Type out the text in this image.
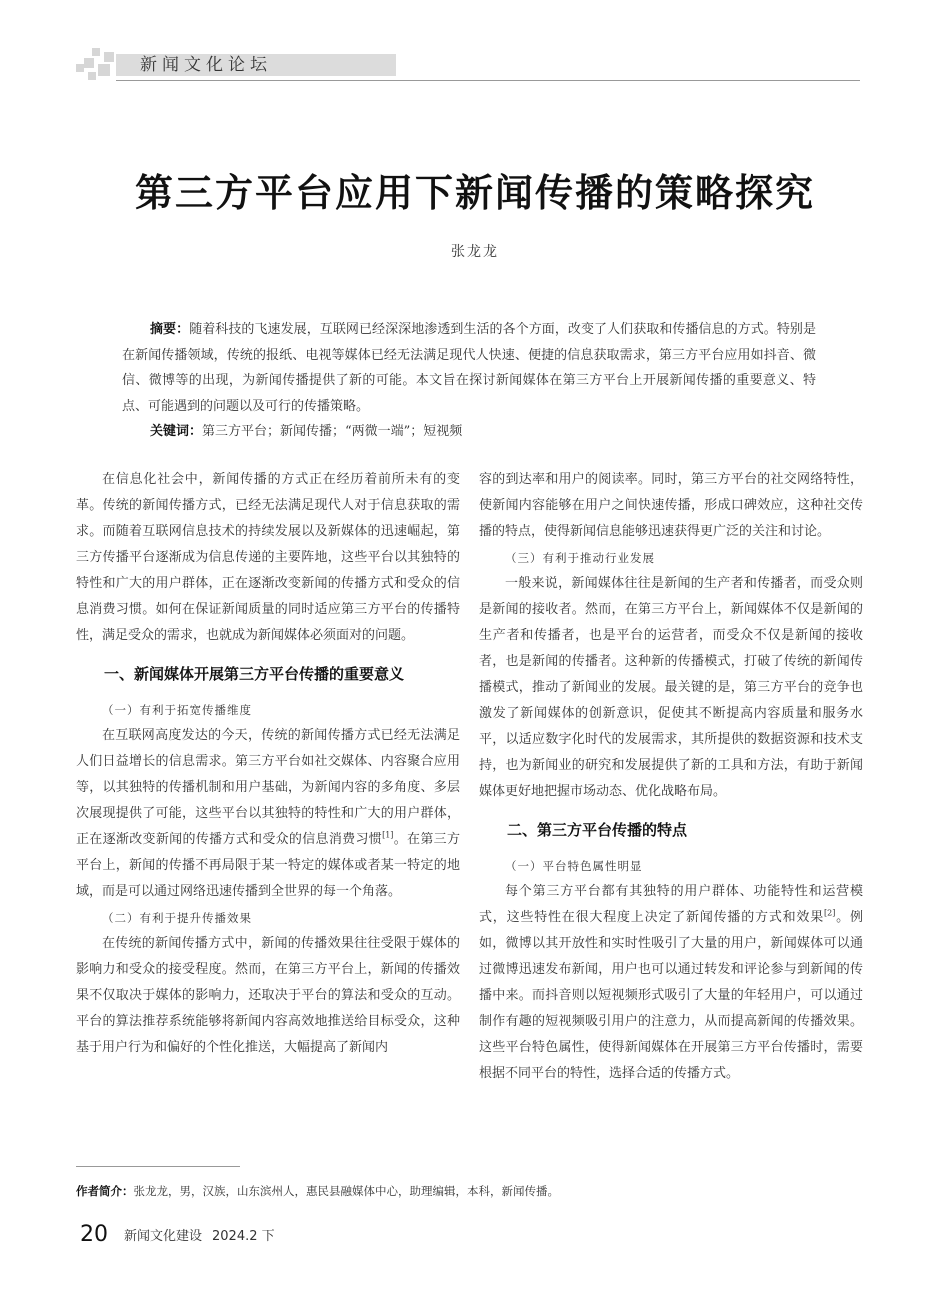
新闻文化论坛
第三方平台应用下新闻传播的策略探究
张龙龙

摘要：随着科技的飞速发展，互联网已经深深地渗透到生活的各个方面，改变了人们获取和传播信息的方式。特别是在新闻传播领域，传统的报纸、电视等媒体已经无法满足现代人快速、便捷的信息获取需求，第三方平台应用如抖音、微信、微博等的出现，为新闻传播提供了新的可能。本文旨在探讨新闻媒体在第三方平台上开展新闻传播的重要意义、特点、可能遇到的问题以及可行的传播策略。

关键词：第三方平台；新闻传播；“两微一端”；短视频

在信息化社会中，新闻传播的方式正在经历着前所未有的变革。传统的新闻传播方式，已经无法满足现代人对于信息获取的需求。而随着互联网信息技术的持续发展以及新媒体的迅速崛起，第三方传播平台逐渐成为信息传递的主要阵地，这些平台以其独特的特性和广大的用户群体，正在逐渐改变新闻的传播方式和受众的信息消费习惯。如何在保证新闻质量的同时适应第三方平台的传播特性，满足受众的需求，也就成为新闻媒体必须面对的问题。

一、新闻媒体开展第三方平台传播的重要意义
（一）有利于拓宽传播维度

在互联网高度发达的今天，传统的新闻传播方式已经无法满足人们日益增长的信息需求。第三方平台如社交媒体、内容聚合应用等，以其独特的传播机制和用户基础，为新闻内容的多角度、多层次展现提供了可能，这些平台以其独特的特性和广大的用户群体，正在逐渐改变新闻的传播方式和受众的信息消费习惯[1]。在第三方平台上，新闻的传播不再局限于某一特定的媒体或者某一特定的地域，而是可以通过网络迅速传播到全世界的每一个角落。

（二）有利于提升传播效果

在传统的新闻传播方式中，新闻的传播效果往往受限于媒体的影响力和受众的接受程度。然而，在第三方平台上，新闻的传播效果不仅取决于媒体的影响力，还取决于平台的算法和受众的互动。平台的算法推荐系统能够将新闻内容高效地推送给目标受众，这种基于用户行为和偏好的个性化推送，大幅提高了新闻内

容的到达率和用户的阅读率。同时，第三方平台的社交网络特性，使新闻内容能够在用户之间快速传播，形成口碑效应，这种社交传播的特点，使得新闻信息能够迅速获得更广泛的关注和讨论。

（三）有利于推动行业发展

一般来说，新闻媒体往往是新闻的生产者和传播者，而受众则是新闻的接收者。然而，在第三方平台上，新闻媒体不仅是新闻的生产者和传播者，也是平台的运营者，而受众不仅是新闻的接收者，也是新闻的传播者。这种新的传播模式，打破了传统的新闻传播模式，推动了新闻业的发展。最关键的是，第三方平台的竞争也激发了新闻媒体的创新意识，促使其不断提高内容质量和服务水平，以适应数字化时代的发展需求，其所提供的数据资源和技术支持，也为新闻业的研究和发展提供了新的工具和方法，有助于新闻媒体更好地把握市场动态、优化战略布局。

二、第三方平台传播的特点
（一）平台特色属性明显

每个第三方平台都有其独特的用户群体、功能特性和运营模式，这些特性在很大程度上决定了新闻传播的方式和效果[2]。例如，微博以其开放性和实时性吸引了大量的用户，新闻媒体可以通过微博迅速发布新闻，用户也可以通过转发和评论参与到新闻的传播中来。而抖音则以短视频形式吸引了大量的年轻用户，可以通过制作有趣的短视频吸引用户的注意力，从而提高新闻的传播效果。这些平台特色属性，使得新闻媒体在开展第三方平台传播时，需要根据不同平台的特性，选择合适的传播方式。

作者简介：张龙龙，男，汉族，山东滨州人，惠民县融媒体中心，助理编辑，本科，新闻传播。
20 新闻文化建设 2024.2 下
